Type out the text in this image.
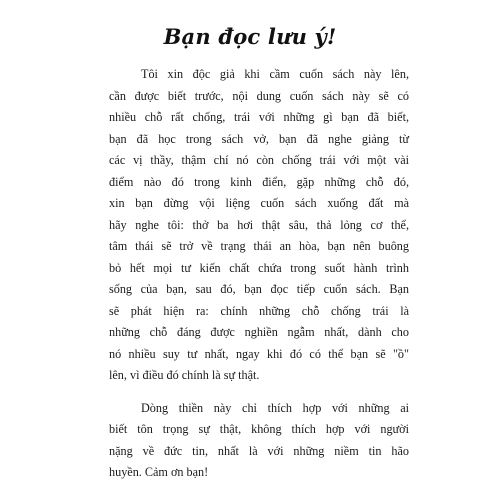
Bạn đọc lưu ý!
Tôi xin độc giả khi cầm cuốn sách này lên,
cần được biết trước, nội dung cuốn sách này sẽ có
nhiều chỗ rất chống, trái với những gì bạn đã biết,
bạn đã học trong sách vở, bạn đã nghe giảng từ
các vị thầy, thậm chí nó còn chống trái với một vài
điểm nào đó trong kinh điển, gặp những chỗ đó,
xin bạn đừng vội liệng cuốn sách xuống đất mà
hãy nghe tôi: thở ba hơi thật sâu, thả lỏng cơ thể,
tâm thái sẽ trở về trạng thái an hòa, bạn nên buông
bỏ hết mọi tư kiến chất chứa trong suốt hành trình
sống của bạn, sau đó, bạn đọc tiếp cuốn sách. Bạn
sẽ phát hiện ra: chính những chỗ chống trái là
những chỗ đáng được nghiền ngẫm nhất, dành cho
nó nhiều suy tư nhất, ngay khi đó có thể bạn sẽ "ồ"
lên, vì điều đó chính là sự thật.
Dòng thiền này chỉ thích hợp với những ai
biết tôn trọng sự thật, không thích hợp với người
nặng về đức tin, nhất là với những niềm tin hão
huyền. Cảm ơn bạn!
